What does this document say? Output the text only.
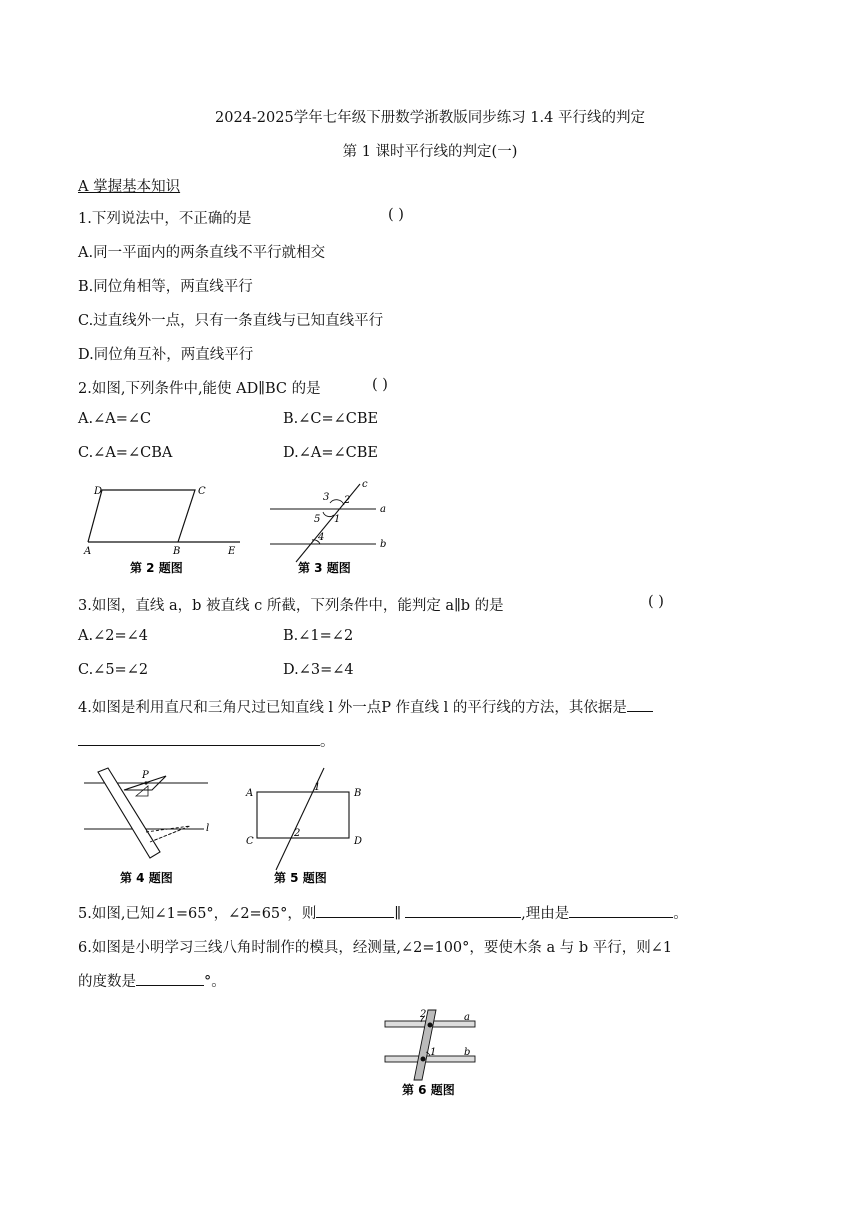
2024-2025学年七年级下册数学浙教版同步练习 1.4 平行线的判定
第 1 课时平行线的判定(一)
A 掌握基本知识
1.下列说法中，不正确的是	( )
A.同一平面内的两条直线不平行就相交
B.同位角相等，两直线平行
C.过直线外一点，只有一条直线与已知直线平行
D.同位角互补，两直线平行
2.如图,下列条件中,能使 AD∥BC 的是	( )
A.∠A=∠C	B.∠C=∠CBE
C.∠A=∠CBA	D.∠A=∠CBE
D	C
A	B	E
第 2 题图
c
3 2
5 1
a
4
b
第 3 题图
3.如图，直线 a，b 被直线 c 所截，下列条件中，能判定 a∥b 的是	( )
A.∠2=∠4	B.∠1=∠2
C.∠5=∠2	D.∠3=∠4
4.如图是利用直尺和三角尺过已知直线 l 外一点P 作直线 l 的平行线的方法，其依据是
。
P
l
第 4 题图
A
1
B
C
2
D
第 5 题图
5.如图,已知∠1=65°，∠2=65°，则	∥	,理由是	。
6.如图是小明学习三线八角时制作的模具，经测量,∠2=100°，要使木条 a 与 b 平行，则∠1
的度数是	°。
2	a
1	b
第 6 题图
